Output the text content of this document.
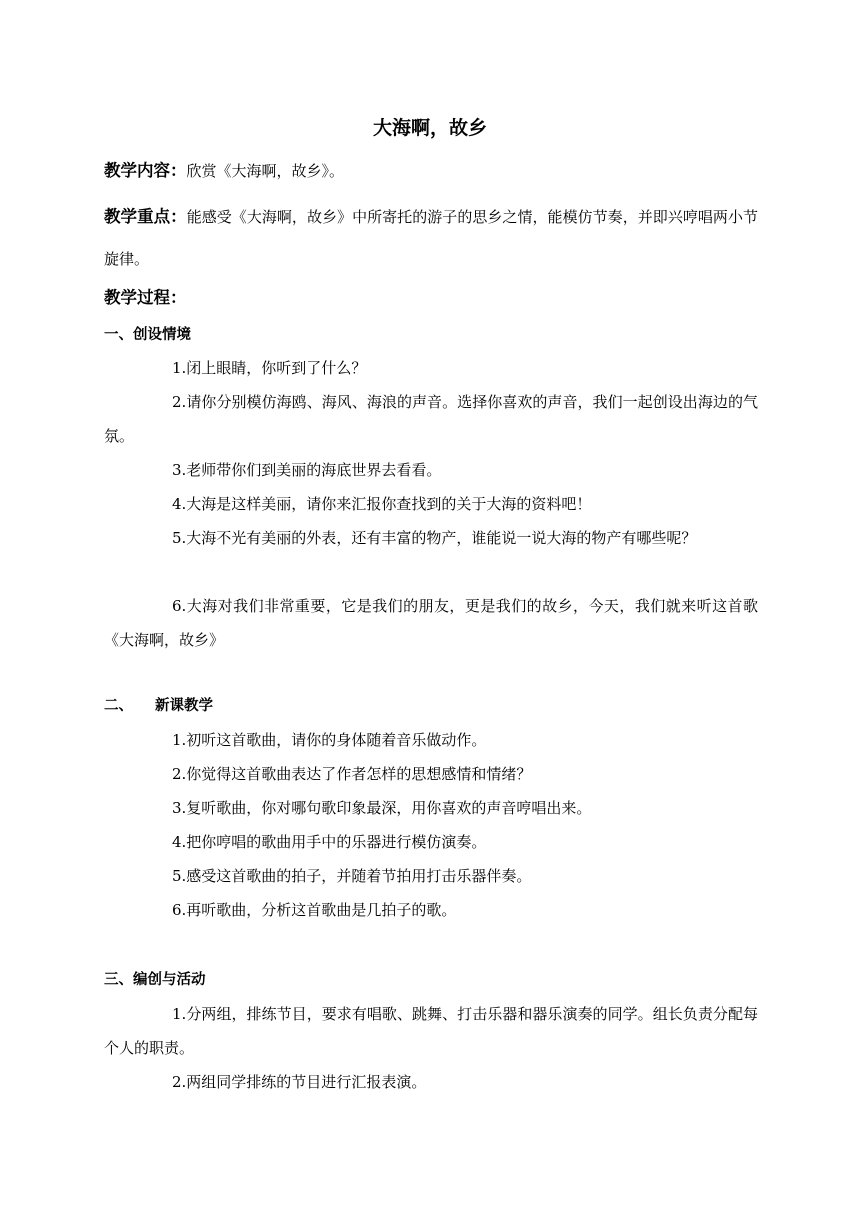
大海啊，故乡

教学内容：欣赏《大海啊，故乡》。

教学重点：能感受《大海啊，故乡》中所寄托的游子的思乡之情，能模仿节奏，并即兴哼唱两小节旋律。

教学过程：

一、创设情境

1.闭上眼睛，你听到了什么？

2.请你分别模仿海鸥、海风、海浪的声音。选择你喜欢的声音，我们一起创设出海边的气氛。

3.老师带你们到美丽的海底世界去看看。

4.大海是这样美丽，请你来汇报你查找到的关于大海的资料吧！

5.大海不光有美丽的外表，还有丰富的物产，谁能说一说大海的物产有哪些呢？

6.大海对我们非常重要，它是我们的朋友，更是我们的故乡，今天，我们就来听这首歌《大海啊，故乡》

二、 新课教学

1.初听这首歌曲，请你的身体随着音乐做动作。

2.你觉得这首歌曲表达了作者怎样的思想感情和情绪？

3.复听歌曲，你对哪句歌印象最深，用你喜欢的声音哼唱出来。

4.把你哼唱的歌曲用手中的乐器进行模仿演奏。

5.感受这首歌曲的拍子，并随着节拍用打击乐器伴奏。

6.再听歌曲，分析这首歌曲是几拍子的歌。

三、编创与活动

1.分两组，排练节目，要求有唱歌、跳舞、打击乐器和器乐演奏的同学。组长负责分配每个人的职责。

2.两组同学排练的节目进行汇报表演。
